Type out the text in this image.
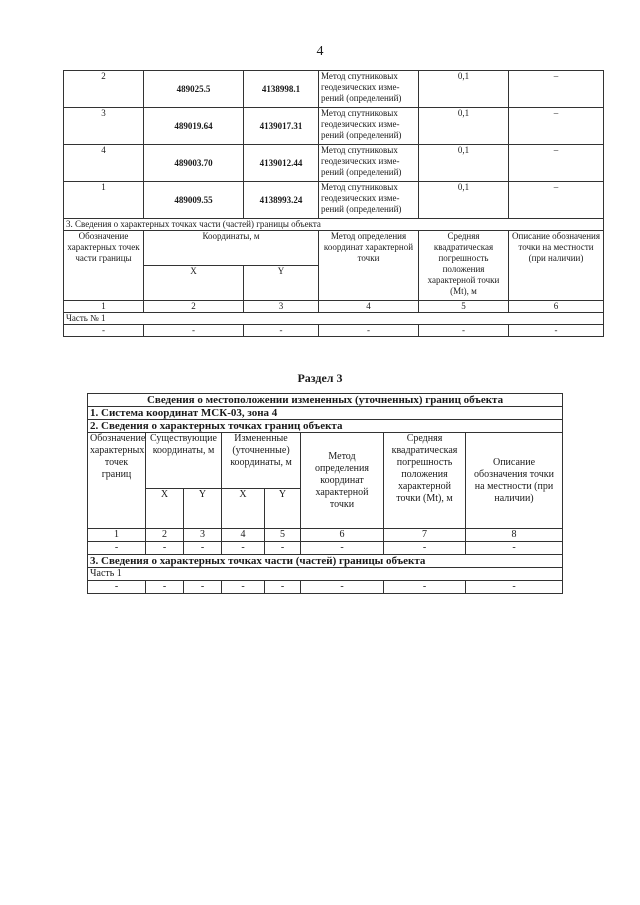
4
2	489025.5	4138998.1	Метод спутниковых
геодезических изме-
рений (определений)	0,1	–
3	489019.64	4139017.31	Метод спутниковых
геодезических изме-
рений (определений)	0,1	–
4	489003.70	4139012.44	Метод спутниковых
геодезических изме-
рений (определений)	0,1	–
1	489009.55	4138993.24	Метод спутниковых
геодезических изме-
рений (определений)	0,1	–
3. Сведения о характерных точках части (частей) границы объекта					
Обозначение характерных точек части границы	Координаты, м		Метод определения координат характерной точки	Средняя квадратическая погрешность положения характерной точки (Mt), м	Описание обозначения точки на местности (при наличии)
	X	Y			
1	2	3	4	5	6
Часть № 1					
-	-	-	-	-	-
Раздел 3
Сведения о местоположении измененных (уточненных) границ объекта							
1. Система координат МСК-03, зона 4							
2. Сведения о характерных точках границ объекта							
Обозначение характерных точек границ	Существующие координаты, м		Измененные (уточненные) координаты, м		Метод определения координат характерной точки	Средняя квадратическая погрешность положения характерной точки (Mt), м	Описание обозначения точки на местности (при наличии)
	X	Y	X	Y			
1	2	3	4	5	6	7	8
-	-	-	-	-	-	-	-
3. Сведения о характерных точках части (частей) границы объекта							
Часть 1							
-	-	-	-	-	-	-	-
